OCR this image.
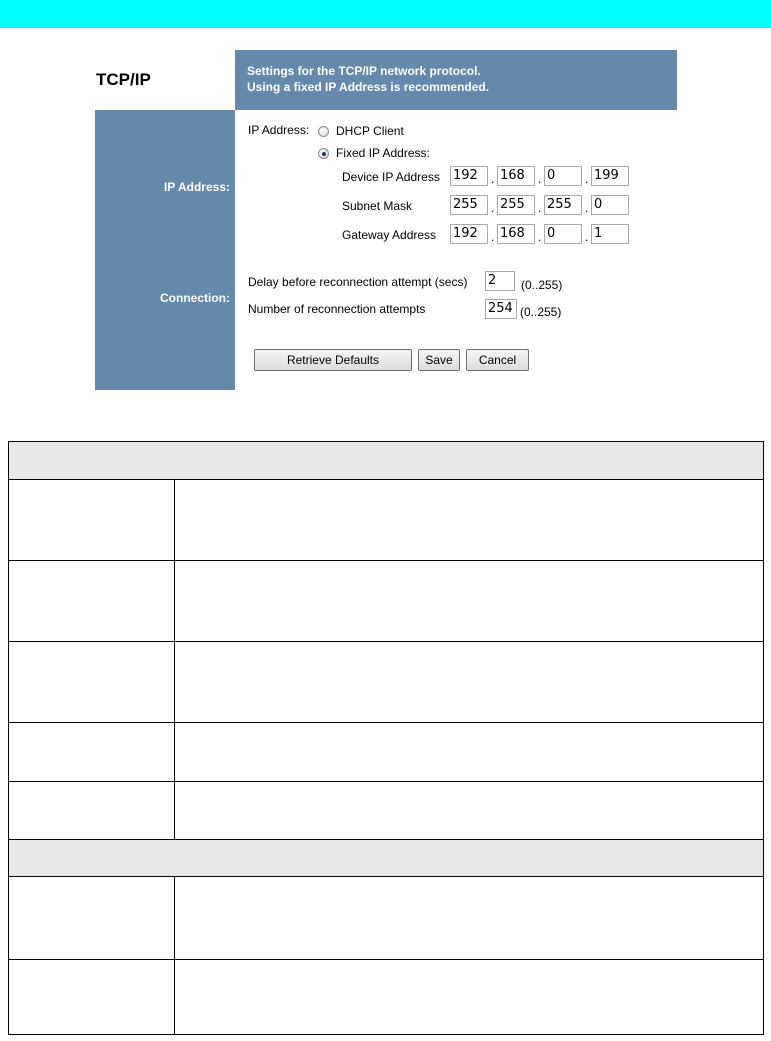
TCP/IP	Settings for the TCP/IP network protocol.
Using a fixed IP Address is recommended.
IP Address:
Connection:
IP Address: DHCP Client
Fixed IP Address:
Device IP Address 192	. 168	. 0	. 199
Subnet Mask	255	. 255	. 255	. 0
Gateway Address 192	. 168	. 0	. 1
Delay before reconnection attempt (secs) 2	(0..255)
Number of reconnection attempts	254 (0..255)
Retrieve Defaults	Save	Cancel
